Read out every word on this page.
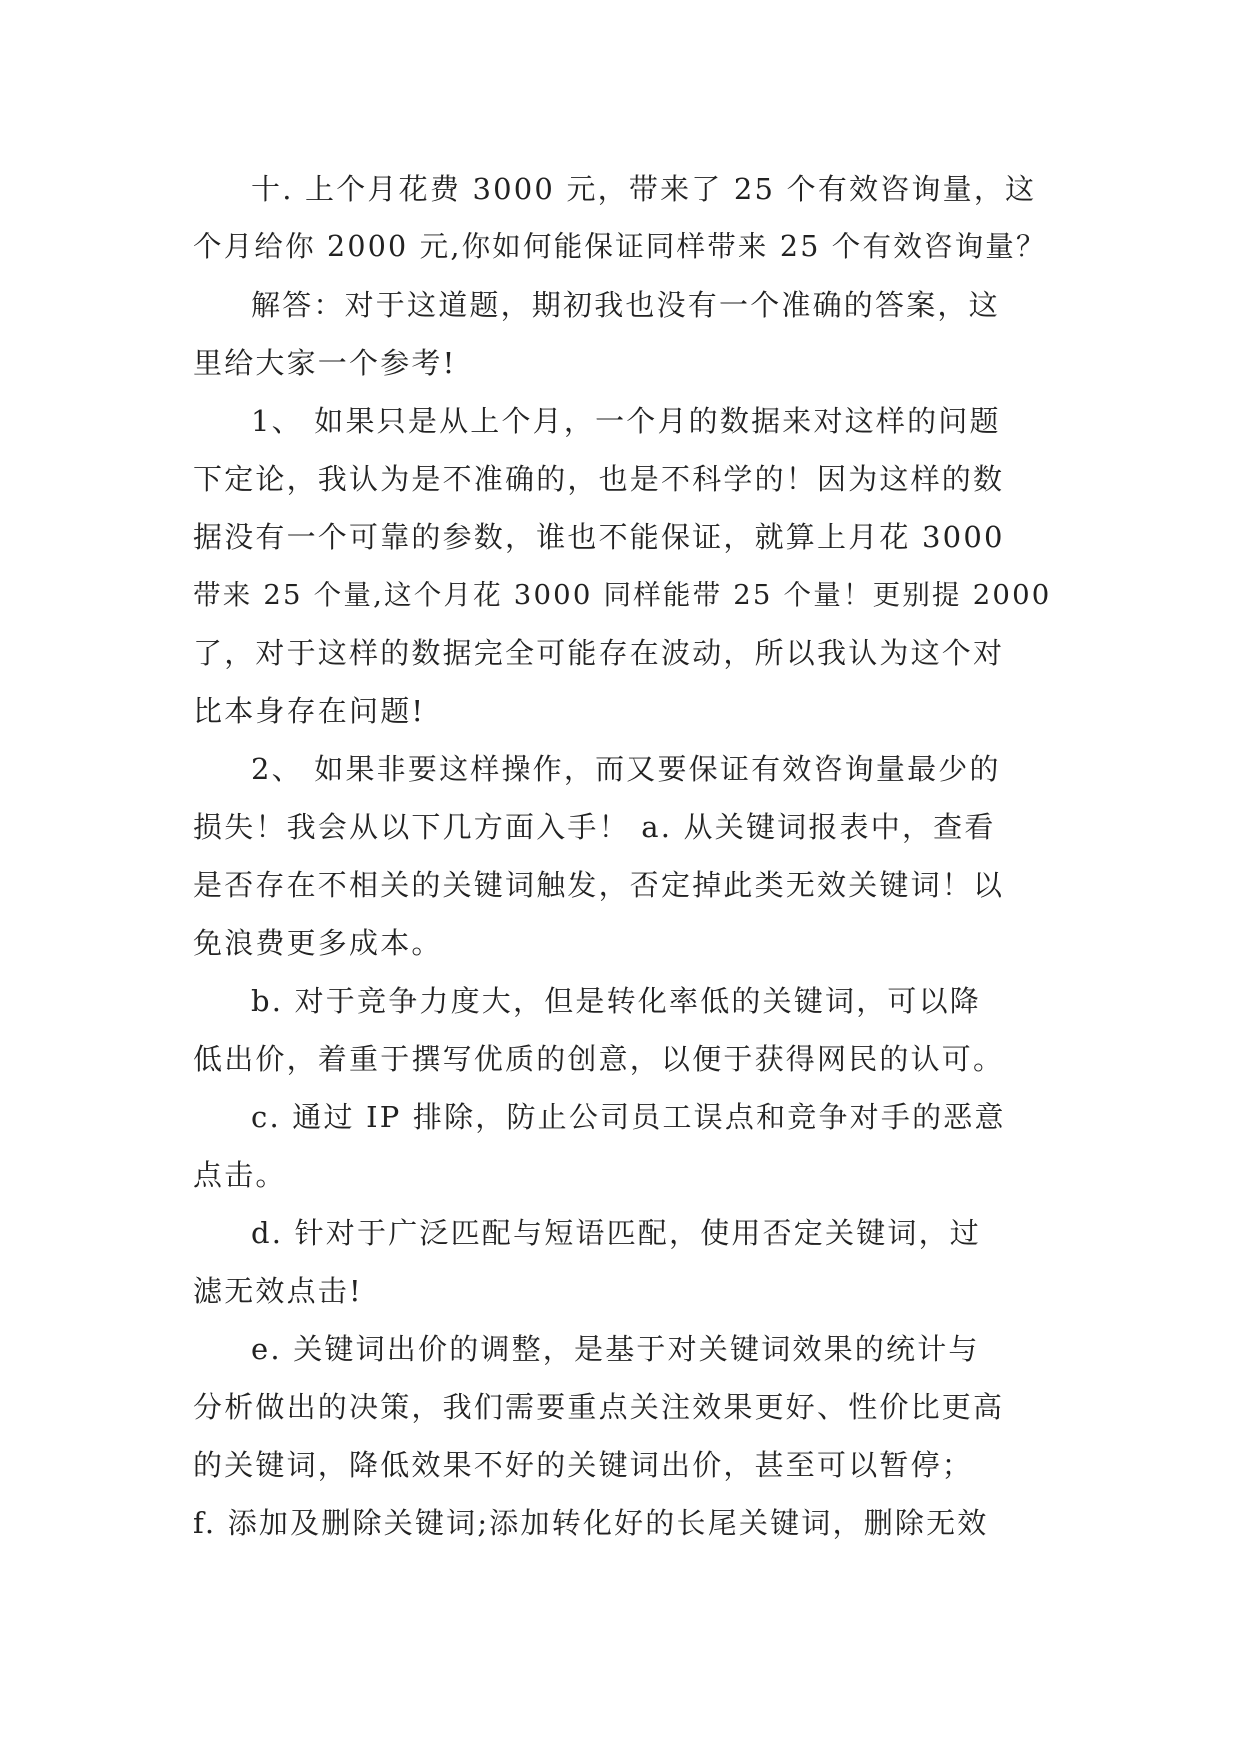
十. 上个月花费 3000 元，带来了 25 个有效咨询量，这
个月给你 2000 元,你如何能保证同样带来 25 个有效咨询量？
解答：对于这道题，期初我也没有一个准确的答案，这
里给大家一个参考!
1、 如果只是从上个月，一个月的数据来对这样的问题
下定论，我认为是不准确的，也是不科学的！因为这样的数
据没有一个可靠的参数，谁也不能保证，就算上月花 3000
带来 25 个量,这个月花 3000 同样能带 25 个量！更别提 2000
了，对于这样的数据完全可能存在波动，所以我认为这个对
比本身存在问题!
2、 如果非要这样操作，而又要保证有效咨询量最少的
损失！我会从以下几方面入手！ a. 从关键词报表中，查看
是否存在不相关的关键词触发，否定掉此类无效关键词！以
免浪费更多成本。
b. 对于竞争力度大，但是转化率低的关键词，可以降
低出价，着重于撰写优质的创意，以便于获得网民的认可。
c. 通过 IP 排除，防止公司员工误点和竞争对手的恶意
点击。
d. 针对于广泛匹配与短语匹配，使用否定关键词，过
滤无效点击!
e. 关键词出价的调整，是基于对关键词效果的统计与
分析做出的决策，我们需要重点关注效果更好、性价比更高
的关键词，降低效果不好的关键词出价，甚至可以暂停；
f. 添加及删除关键词;添加转化好的长尾关键词，删除无效
